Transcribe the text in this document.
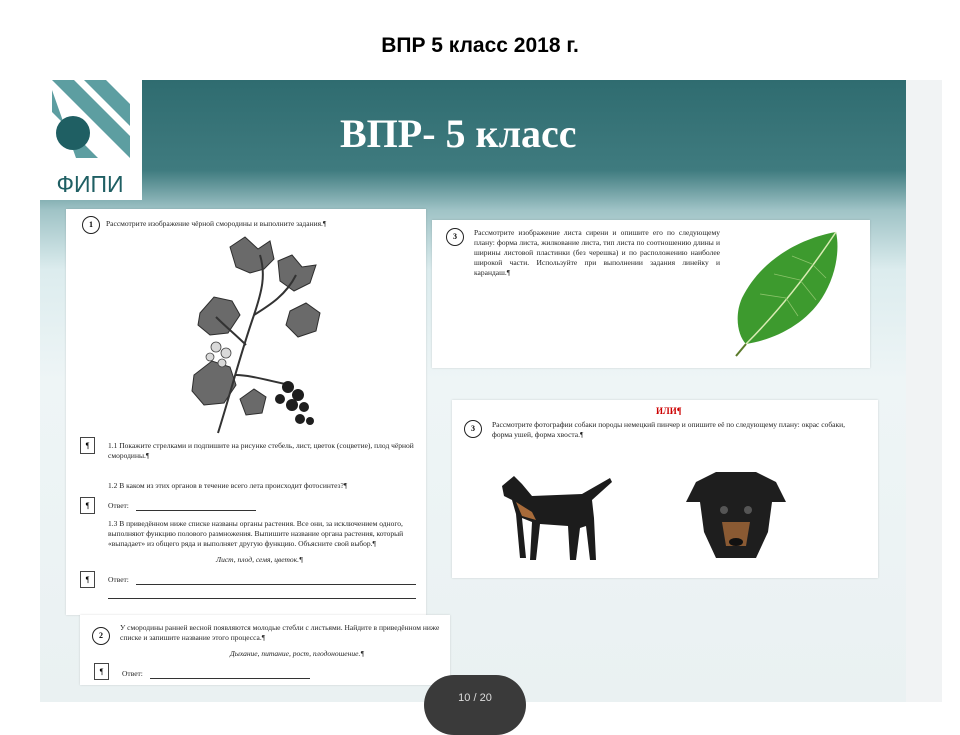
ВПР 5 класс 2018 г.
ФИПИ
ВПР- 5 класс
1	Рассмотрите изображение чёрной смородины и выполните задания.¶
¶	1.1 Покажите стрелками и подпишите на рисунке стебель, лист, цветок (соцветие), плод чёрной смородины.¶
1.2 В каком из этих органов в течение всего лета происходит фотосинтез?¶
¶	Ответ:
1.3 В приведённом ниже списке названы органы растения. Все они, за исключением одного, выполняют функцию полового размножения. Выпишите название органа растения, который «выпадает» из общего ряда и выполняет другую функцию. Объясните свой выбор.¶
Лист, плод, семя, цветок.¶
¶	Ответ:
2
У смородины ранней весной появляются молодые стебли с листьями. Найдите в приведённом ниже списке и запишите название этого процесса.¶
Дыхание, питание, рост, плодоношение.¶
¶	Ответ:
3	Рассмотрите изображение листа сирени и опишите его по следующему плану: форма листа, жилкование листа, тип листа по соотношению длины и ширины листовой пластинки (без черешка) и по расположению наиболее широкой части. Используйте при выполнении задания линейку и карандаш.¶
ИЛИ¶
3	Рассмотрите фотографии собаки породы немецкий пинчер и опишите её по следующему плану: окрас собаки, форма ушей, форма хвоста.¶
10 / 20
